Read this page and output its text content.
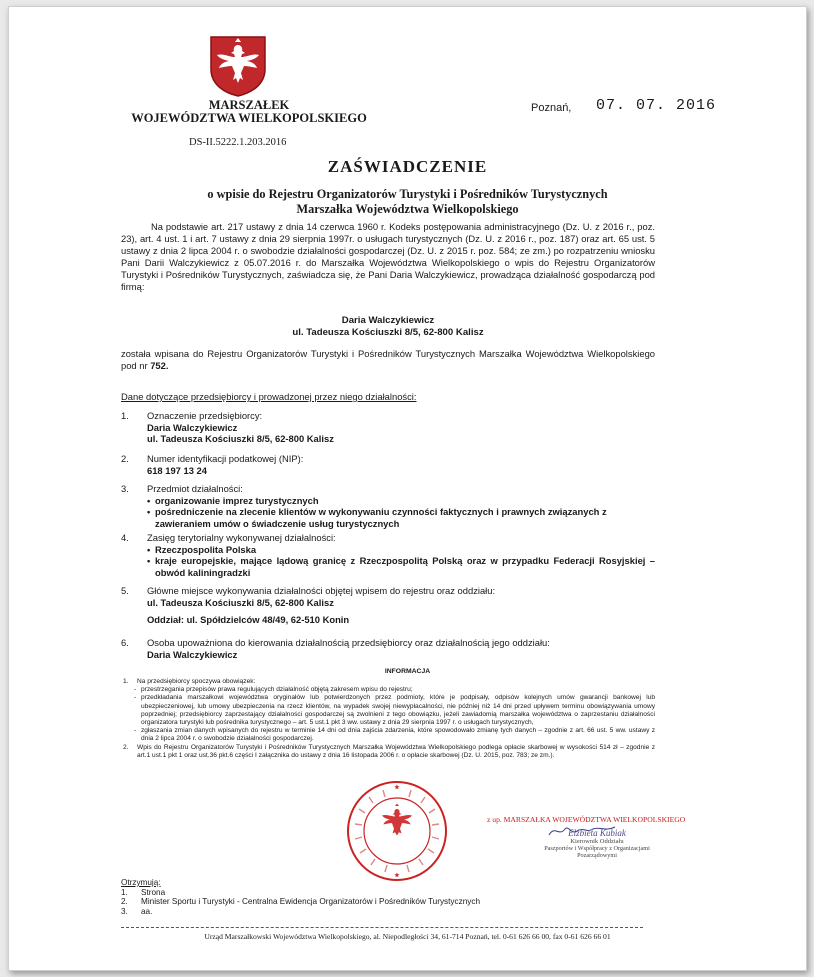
MARSZAŁEK
WOJEWÓDZTWA WIELKOPOLSKIEGO
DS-II.5222.1.203.2016
Poznań, 07. 07. 2016
ZAŚWIADCZENIE
o wpisie do Rejestru Organizatorów Turystyki i Pośredników Turystycznych
Marszałka Województwa Wielkopolskiego
Na podstawie art. 217 ustawy z dnia 14 czerwca 1960 r. Kodeks postępowania administracyjnego (Dz. U. z 2016 r., poz. 23), art. 4 ust. 1 i art. 7 ustawy z dnia 29 sierpnia 1997r. o usługach turystycznych (Dz. U. z 2016 r., poz. 187) oraz art. 65 ust. 5 ustawy z dnia 2 lipca 2004 r. o swobodzie działalności gospodarczej (Dz. U. z 2015 r. poz. 584; ze zm.) po rozpatrzeniu wniosku Pani Darii Walczykiewicz z 05.07.2016 r. do Marszałka Województwa Wielkopolskiego o wpis do Rejestru Organizatorów Turystyki i Pośredników Turystycznych, zaświadcza się, że Pani Daria Walczykiewicz, prowadząca działalność gospodarczą pod firmą:
Daria Walczykiewicz
ul. Tadeusza Kościuszki 8/5, 62-800 Kalisz
została wpisana do Rejestru Organizatorów Turystyki i Pośredników Turystycznych Marszałka Województwa Wielkopolskiego pod nr 752.
Dane dotyczące przedsiębiorcy i prowadzonej przez niego działalności:
1. Oznaczenie przedsiębiorcy:
Daria Walczykiewicz
ul. Tadeusza Kościuszki 8/5, 62-800 Kalisz
2. Numer identyfikacji podatkowej (NIP):
618 197 13 24
3. Przedmiot działalności:
• organizowanie imprez turystycznych
• pośredniczenie na zlecenie klientów w wykonywaniu czynności faktycznych i prawnych związanych z zawieraniem umów o świadczenie usług turystycznych
4. Zasięg terytorialny wykonywanej działalności:
• Rzeczpospolita Polska
• kraje europejskie, mające lądową granicę z Rzeczpospolitą Polską oraz w przypadku Federacji Rosyjskiej – obwód kaliningradzki
5. Główne miejsce wykonywania działalności objętej wpisem do rejestru oraz oddziału:
ul. Tadeusza Kościuszki 8/5, 62-800 Kalisz
Oddział: ul. Spółdzielców 48/49, 62-510 Konin
6. Osoba upoważniona do kierowania działalnością przedsiębiorcy oraz działalnością jego oddziału:
Daria Walczykiewicz
INFORMACJA
1. Na przedsiębiorcy spoczywa obowiązek:
- przestrzegania przepisów prawa regulujących działalność objętą zakresem wpisu do rejestru;
- przedkładania marszałkowi województwa oryginałów lub potwierdzonych przez podmioty, które je podpisały, odpisów kolejnych umów gwarancji bankowej lub ubezpieczeniowej, lub umowy ubezpieczenia na rzecz klientów, na wypadek swojej niewypłacalności, nie później niż 14 dni przed upływem terminu obowiązywania umowy poprzedniej; przedsiębiorcy zaprzestający działalności gospodarczej są zwolnieni z tego obowiązku, jeżeli zawiadomią marszałka województwa o zaprzestaniu działalności organizatora turystyki lub pośrednika turystycznego – art. 5 ust.1 pkt 3 ww. ustawy z dnia 29 sierpnia 1997 r. o usługach turystycznych,
- zgłaszania zmian danych wpisanych do rejestru w terminie 14 dni od dnia zajścia zdarzenia, które spowodowało zmianę tych danych – zgodnie z art. 66 ust. 5 ww. ustawy z dnia 2 lipca 2004 r. o swobodzie działalności gospodarczej.
2. Wpis do Rejestru Organizatorów Turystyki i Pośredników Turystycznych Marszałka Województwa Wielkopolskiego podlega opłacie skarbowej w wysokości 514 zł – zgodnie z art.1 ust.1 pkt 1 oraz ust.36 pkt.6 części I załącznika do ustawy z dnia 16 listopada 2006 r. o opłacie skarbowej (Dz. U. 2015, poz. 783; ze zm.).
★
★
z up. MARSZAŁKA WOJEWÓDZTWA WIELKOPOLSKIEGO
Elżbieta Kubiak
Kierownik Oddziału
Paszportów i Współpracy z Organizacjami Pozarządowymi
Otrzymują:
1. Strona
2. Minister Sportu i Turystyki - Centralna Ewidencja Organizatorów i Pośredników Turystycznych
3. aa.
Urząd Marszałkowski Województwa Wielkopolskiego, al. Niepodległości 34, 61-714 Poznań, tel. 0-61 626 66 00, fax 0-61 626 66 01
